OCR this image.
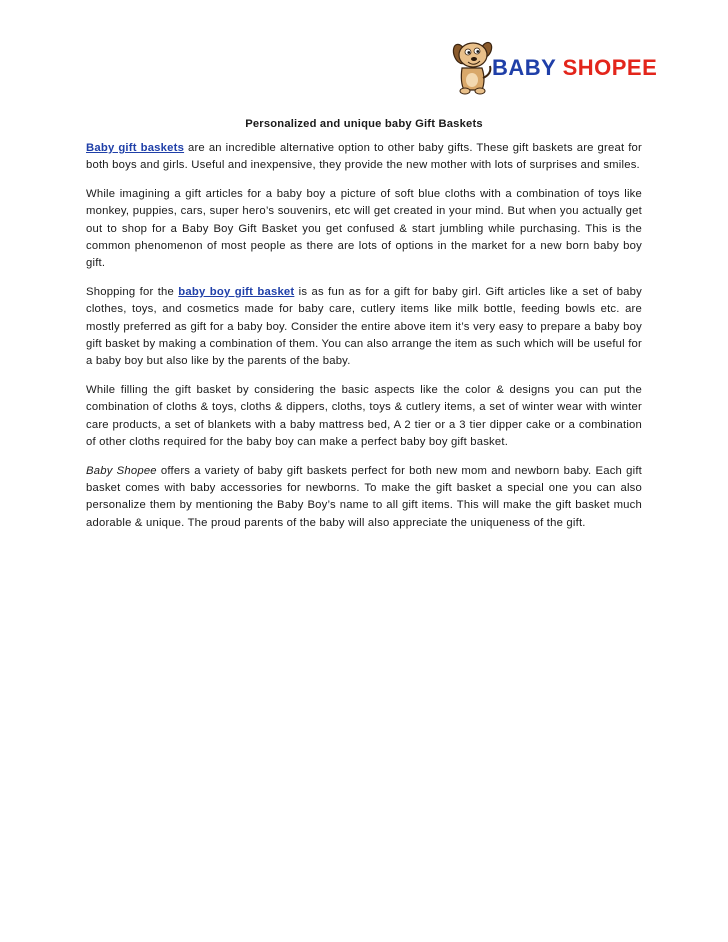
BABY SHOPEE
Personalized and unique baby Gift Baskets

Baby gift baskets are an incredible alternative option to other baby gifts. These gift baskets are great for both boys and girls. Useful and inexpensive, they provide the new mother with lots of surprises and smiles.

While imagining a gift articles for a baby boy a picture of soft blue cloths with a combination of toys like monkey, puppies, cars, super hero’s souvenirs, etc will get created in your mind. But when you actually get out to shop for a Baby Boy Gift Basket you get confused & start jumbling while purchasing. This is the common phenomenon of most people as there are lots of options in the market for a new born baby boy gift.

Shopping for the baby boy gift basket is as fun as for a gift for baby girl. Gift articles like a set of baby clothes, toys, and cosmetics made for baby care, cutlery items like milk bottle, feeding bowls etc. are mostly preferred as gift for a baby boy. Consider the entire above item it’s very easy to prepare a baby boy gift basket by making a combination of them. You can also arrange the item as such which will be useful for a baby boy but also like by the parents of the baby.

While filling the gift basket by considering the basic aspects like the color & designs you can put the combination of cloths & toys, cloths & dippers, cloths, toys & cutlery items, a set of winter wear with winter care products, a set of blankets with a baby mattress bed, A 2 tier or a 3 tier dipper cake or a combination of other cloths required for the baby boy can make a perfect baby boy gift basket.

Baby Shopee offers a variety of baby gift baskets perfect for both new mom and newborn baby. Each gift basket comes with baby accessories for newborns. To make the gift basket a special one you can also personalize them by mentioning the Baby Boy’s name to all gift items. This will make the gift basket much adorable & unique. The proud parents of the baby will also appreciate the uniqueness of the gift.
